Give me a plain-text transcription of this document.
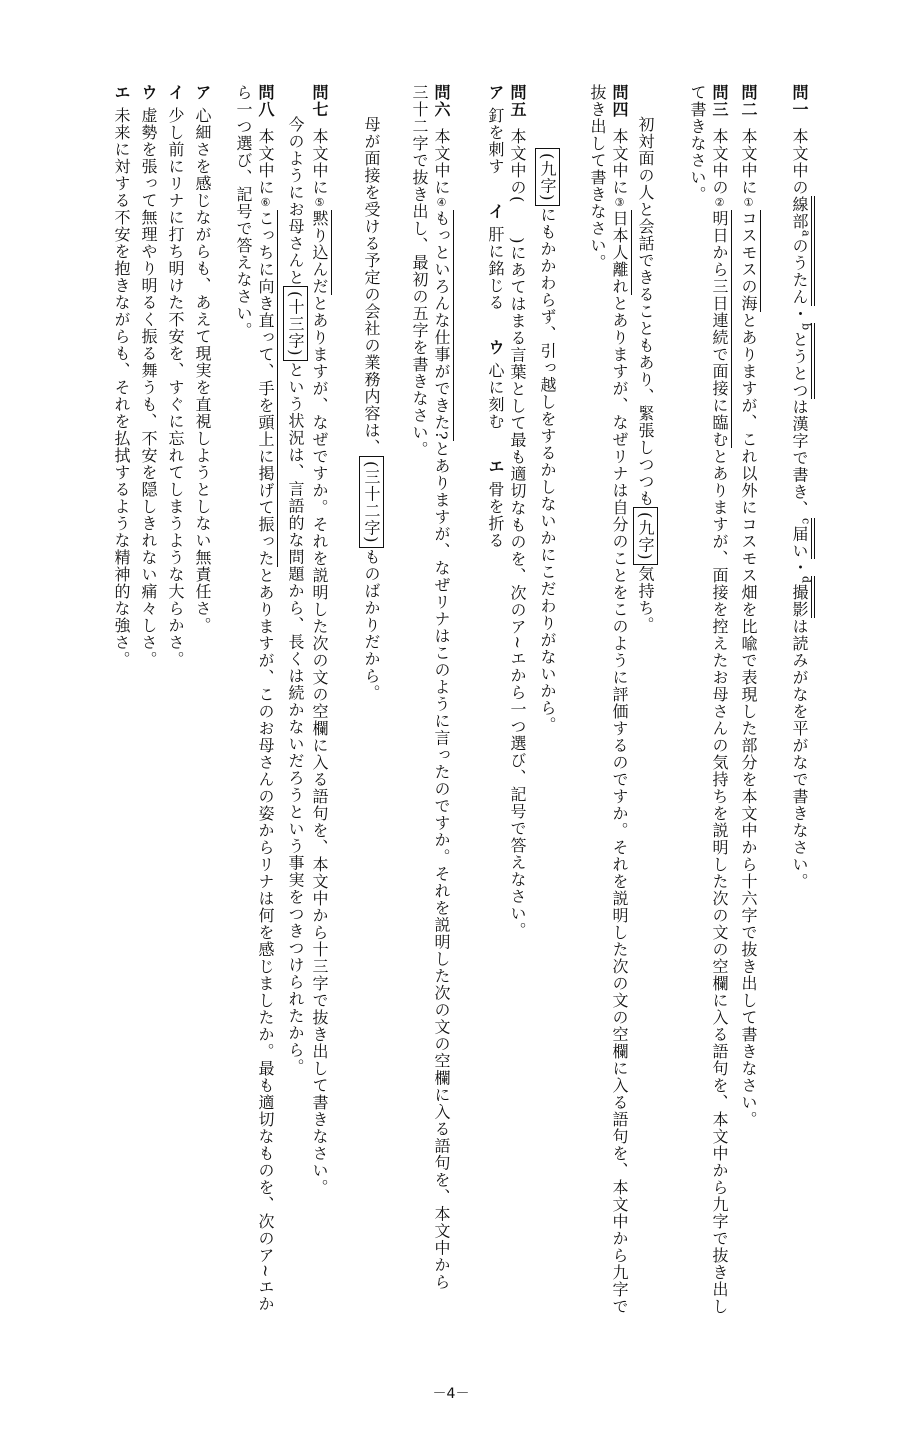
問一本文中の線部$^a$のうたん・$^b$とうとつは漢字で書き、$^c$届い・$^d$撮影は読みがなを平がなで書きなさい。
問二本文中に①コスモスの海とありますが、これ以外にコスモス畑を比喩で表現した部分を本文中から十六字で抜き出して書きなさい。
問三本文中の②明日から三日連続で面接に臨むとありますが、面接を控えたお母さんの気持ちを説明した次の文の空欄に入る語句を、本文中から九字で抜き出し
て書きなさい。
初対面の人と会話できることもあり、緊張しつつも(九字)気持ち。
問四本文中に③日本人離れとありますが、なぜリナは自分のことをこのように評価するのですか。それを説明した次の文の空欄に入る語句を、本文中から九字で
抜き出して書きなさい。
(九字)にもかかわらず、引っ越しをするかしないかにこだわりがないから。
問五本文中の(　　)にあてはまる言葉として最も適切なものを、次のア~エから一つ選び、記号で答えなさい。
ア釘を刺す イ肝に銘じる ウ心に刻む エ骨を折る
問六本文中に④もっといろんな仕事ができた?とありますが、なぜリナはこのように言ったのですか。それを説明した次の文の空欄に入る語句を、本文中から
三十二字で抜き出し、最初の五字を書きなさい。
母が面接を受ける予定の会社の業務内容は、(三十二字)ものばかりだから。
問七本文中に⑤黙り込んだとありますが、なぜですか。それを説明した次の文の空欄に入る語句を、本文中から十三字で抜き出して書きなさい。
今のようにお母さんと(十三字)という状況は、言語的な問題から、長くは続かないだろうという事実をつきつけられたから。
問八本文中に⑥こっちに向き直って、手を頭上に掲げて振ったとありますが、このお母さんの姿からリナは何を感じましたか。最も適切なものを、次のア~エか
ら一つ選び、記号で答えなさい。
ア心細さを感じながらも、あえて現実を直視しようとしない無責任さ。
イ少し前にリナに打ち明けた不安を、すぐに忘れてしまうような大らかさ。
ウ虚勢を張って無理やり明るく振る舞うも、不安を隠しきれない痛々しさ。
エ未来に対する不安を抱きながらも、それを払拭するような精神的な強さ。
－4－
